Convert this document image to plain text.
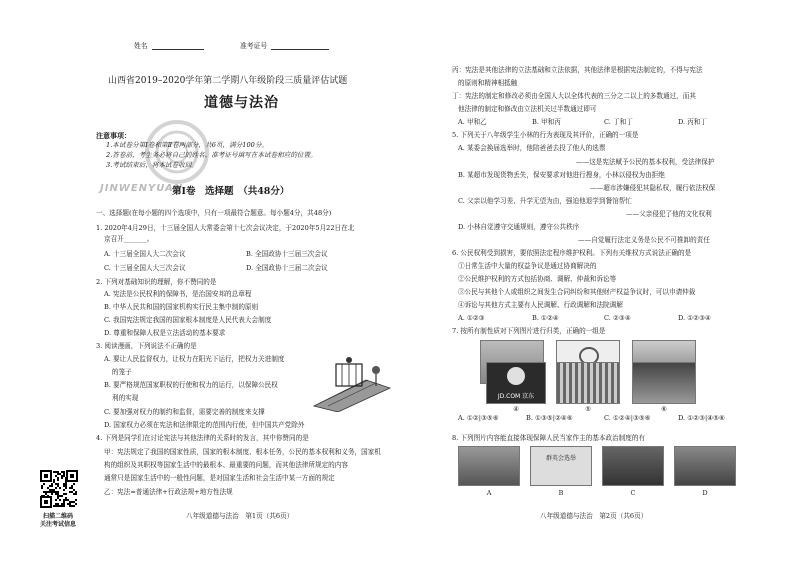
姓名	准考证号
山西省2019–2020学年第二学期八年级阶段三质量评估试题
道德与法治
注意事项：
1.本试卷分第Ⅰ卷和第Ⅱ卷两部分，共6页，满分100分。
2.答卷前，考生务必将自己的姓名、准考证号填写在本试卷相应的位置。
3.考试结束后，将本试卷收回。
JINWENYUAN
第Ⅰ卷　选择题　（共48分）
一、选择题(在每小题的四个选项中，只有一项最符合题意。每小题4分，共48分)
1. 2020年4月29日，十三届全国人大常委会第十七次会议决定，于2020年5月22日在北
京召开_______。
A. 十三届全国人大二次会议	B. 全国政协十三届三次会议
C. 十三届全国人大三次会议	D. 全国政协十三届二次会议
2. 下列对基础知识的理解，你不赞同的是
A. 宪法是公民权利的保障书，是治国安邦的总章程
B. 中华人民共和国的国家机构实行民主集中制的原则
C. 我国宪法规定我国的国家根本制度是人民代表大会制度
D. 尊重和保障人权是立法活动的基本要求
3. 阅读漫画，下列说法不正确的是
A. 要让人民监督权力，让权力在阳光下运行，把权力关进制度
的笼子
B. 要严格规范国家职权的行使和权力的运行，以保障公民权
利的实现
C. 要加强对权力的制约和监督，需要完善的制度来支撑
D. 国家权力必须在宪法和法律限定的范围内行使，但中国共产党除外
4. 下列是同学们在讨论宪法与其他法律的关系时的发言，其中你赞同的是
甲：宪法规定了我国的国家性质，国家的根本制度、根本任务，公民的基本权利和义务，国家机
构的组织及其职权等国家生活中的最根本、最重要的问题，而其他法律所规定的内容
通常只是国家生活中的一般性问题，是对国家生活和社会生活中某一方面的规定
乙：宪法=普通法律+行政法规+地方性法规
扫描二维码
关注考试信息
八年级道德与法治　第1页（共6页）
丙：宪法是其他法律的立法基础和立法依据，其他法律是根据宪法制定的，不得与宪法
的原则和精神相抵触
丁：宪法的制定和修改必须由全国人大以全体代表的三分之二以上的多数通过，而其
他法律的制定和修改由立法机关过半数通过即可
A. 甲和乙	B. 甲和丙	C. 丁和丁	D. 丙和丁
5. 下列关于八年级学生小林的行为表现及其评价，正确的一项是
A. 某委会换届选举时，他陪爸爸去投了他人的选票
——这是宪法赋予公民的基本权利，受法律保护
B. 某超市发现货物丢失，保安要求对他进行搜身，小林以侵权为由拒绝
——超市涉嫌侵犯其隐私权，履行依法权保
C. 父亲以他学习差、升学无望为由，强迫他退学到餐馆帮忙
——父亲侵犯了他的文化权利
D. 小林自觉遵守交通规则，遵守公共秩序
——自觉履行法定义务是公民不可推卸的责任
6. 公民权利受到损害，要依照法定程序维护权利。下列有关维权方式说法正确的是
①日常生活中大量的权益争议是通过协商解决的
②公民维护权利的方式包括协商、调解、仲裁和诉讼等
③公民与其他个人或组织之间发生合同纠纷和其他财产权益争议时，可以申请仲裁
④诉讼与其他方式主要有人民调解、行政调解和法院调解
A. ①②③	B. ①②④	C. ②③④	D. ①②③④
7. 按所有制性质对下列图片进行归类，正确的一组是
JD.COM 京东
④	⑤	⑥
A. ①②|③⑤⑥	B. ①③⑤|②④⑥	C. ①②④|③⑤⑥	D. ①②③|④⑤⑥
8. 下列图片内容能直接体现保障人民当家作主的基本政治制度的有
群英会选举
A	B	C	D
八年级道德与法治　第2页（共6页）
